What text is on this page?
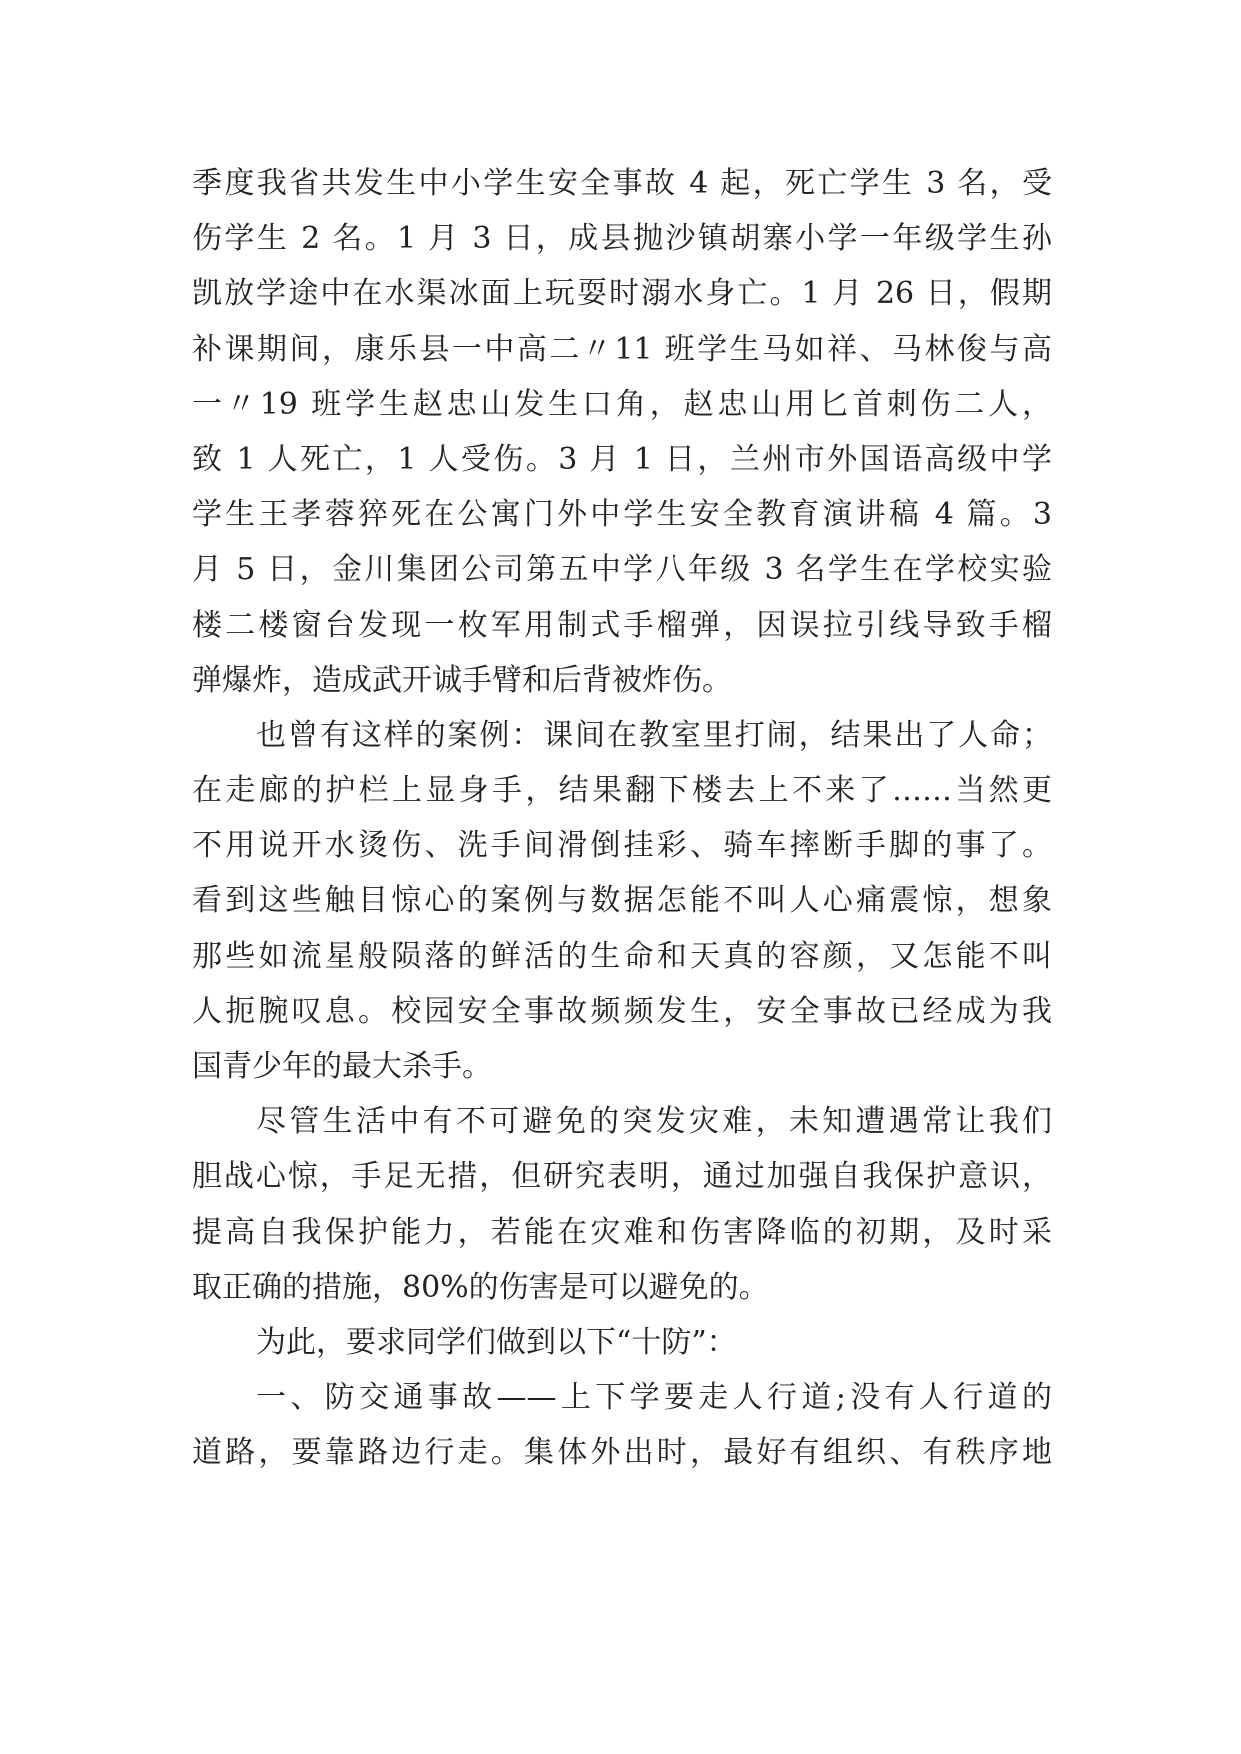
季度我省共发生中小学生安全事故 4 起，死亡学生 3 名，受
伤学生 2 名。1 月 3 日，成县抛沙镇胡寨小学一年级学生孙
凯放学途中在水渠冰面上玩耍时溺水身亡。1 月 26 日，假期
补课期间，康乐县一中高二〃11 班学生马如祥、马林俊与高
一〃19 班学生赵忠山发生口角，赵忠山用匕首刺伤二人，
致 1 人死亡，1 人受伤。3 月 1 日，兰州市外国语高级中学
学生王孝蓉猝死在公寓门外中学生安全教育演讲稿 4 篇。3
月 5 日，金川集团公司第五中学八年级 3 名学生在学校实验
楼二楼窗台发现一枚军用制式手榴弹，因误拉引线导致手榴
弹爆炸，造成武开诚手臂和后背被炸伤。
也曾有这样的案例：课间在教室里打闹，结果出了人命；
在走廊的护栏上显身手，结果翻下楼去上不来了……当然更
不用说开水烫伤、洗手间滑倒挂彩、骑车摔断手脚的事了。
看到这些触目惊心的案例与数据怎能不叫人心痛震惊，想象
那些如流星般陨落的鲜活的生命和天真的容颜，又怎能不叫
人扼腕叹息。校园安全事故频频发生，安全事故已经成为我
国青少年的最大杀手。
尽管生活中有不可避免的突发灾难，未知遭遇常让我们
胆战心惊，手足无措，但研究表明，通过加强自我保护意识，
提高自我保护能力，若能在灾难和伤害降临的初期，及时采
取正确的措施，80%的伤害是可以避免的。
为此，要求同学们做到以下“十防”：
一、防交通事故——上下学要走人行道;没有人行道的
道路，要靠路边行走。集体外出时，最好有组织、有秩序地
